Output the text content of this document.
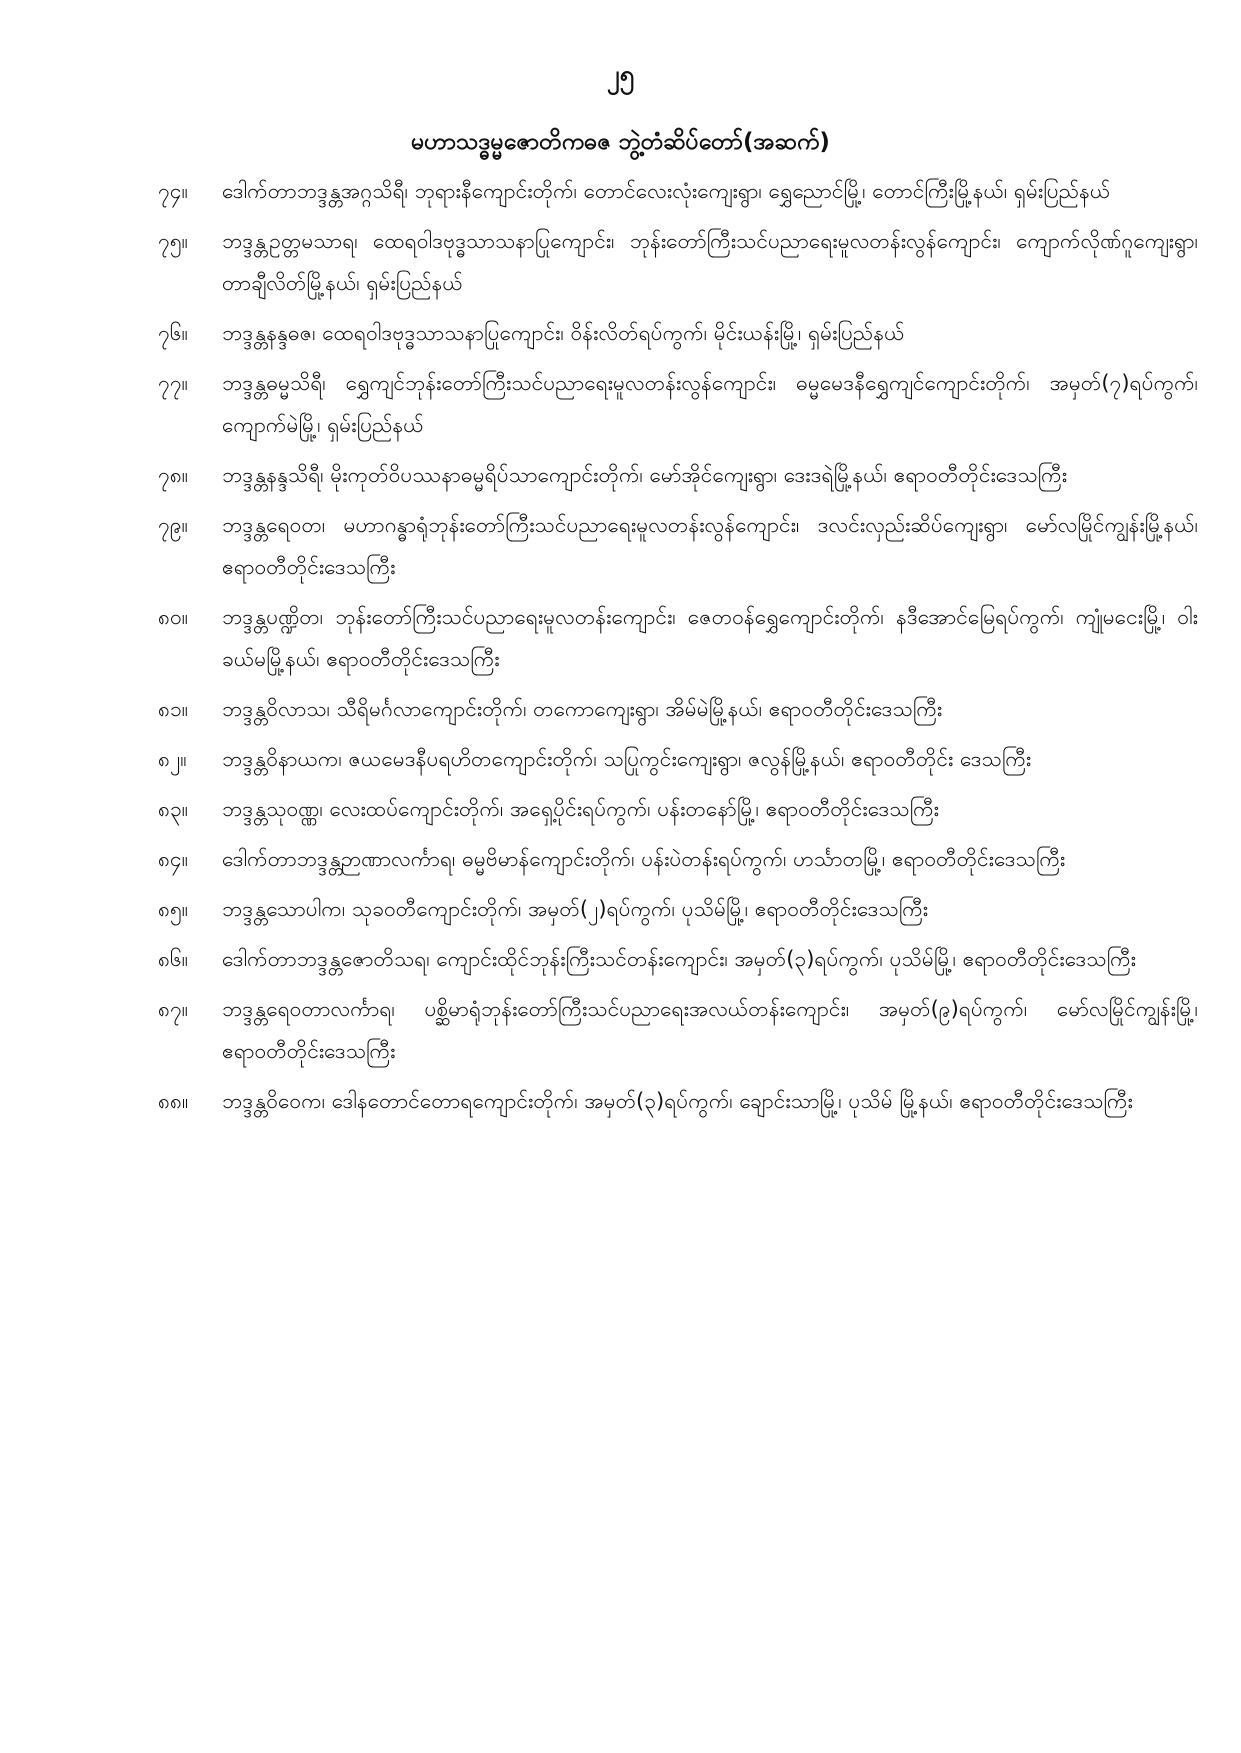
၂၅
မဟာသဒ္ဓမ္မဇောတိကဓဇ ဘွဲ့တံဆိပ်တော်(အဆက်)
၇၄။	ဒေါက်တာဘဒ္ဒန္တအဂ္ဂသိရီ၊ ဘုရားနီကျောင်းတိုက်၊ တောင်လေးလုံးကျေးရွာ၊ ရွှေညောင်မြို့၊ တောင်ကြီးမြို့နယ်၊ ရှမ်းပြည်နယ်
၇၅။	ဘဒ္ဒန္တဥတ္တမသာရ၊ ထေရဝါဒဗုဒ္ဓသာသနာပြုကျောင်း၊ ဘုန်းတော်ကြီးသင်ပညာရေးမူလတန်းလွန်ကျောင်း၊ ကျောက်လိုဏ်ဂူကျေးရွာ၊ တာချီလိတ်မြို့နယ်၊ ရှမ်းပြည်နယ်
၇၆။	ဘဒ္ဒန္တနန္ဒဓဇ၊ ထေရဝါဒဗုဒ္ဓသာသနာပြုကျောင်း၊ ဝိန်းလိတ်ရပ်ကွက်၊ မိုင်းယန်းမြို့၊ ရှမ်းပြည်နယ်
၇၇။	ဘဒ္ဒန္တဓမ္မသိရီ၊ ရွှေကျင်ဘုန်းတော်ကြီးသင်ပညာရေးမူလတန်းလွန်ကျောင်း၊ ဓမ္မမေဒနီရွှေကျင်ကျောင်းတိုက်၊ အမှတ်(၇)ရပ်ကွက်၊ ကျောက်မဲမြို့၊ ရှမ်းပြည်နယ်
၇၈။	ဘဒ္ဒန္တနန္ဒသိရီ၊ မိုးကုတ်ဝိပဿနာဓမ္မရိပ်သာကျောင်းတိုက်၊ မော်အိုင်ကျေးရွာ၊ ဒေးဒရဲမြို့နယ်၊ ဧရာဝတီတိုင်းဒေသကြီး
၇၉။	ဘဒ္ဒန္တရေဝတ၊ မဟာဂန္ဓာရုံဘုန်းတော်ကြီးသင်ပညာရေးမူလတန်းလွန်ကျောင်း၊ ဒလင်းလှည်းဆိပ်ကျေးရွာ၊ မော်လမြိုင်ကျွန်းမြို့နယ်၊ ဧရာဝတီတိုင်းဒေသကြီး
၈၀။	ဘဒ္ဒန္တပဏ္ဍိတ၊ ဘုန်းတော်ကြီးသင်ပညာရေးမူလတန်းကျောင်း၊ ဇေတဝန်ရွှေကျောင်းတိုက်၊ နဒီအောင်မြေရပ်ကွက်၊ ကျုံမငေးမြို့၊ ဝါးခယ်မမြို့နယ်၊ ဧရာဝတီတိုင်းဒေသကြီး
၈၁။	ဘဒ္ဒန္တဝိလာသ၊ သီရိမင်္ဂလာကျောင်းတိုက်၊ တကောကျေးရွာ၊ အိမ်မဲမြို့နယ်၊ ဧရာဝတီတိုင်းဒေသကြီး
၈၂။	ဘဒ္ဒန္တဝိနာယက၊ ဇယမေဒနီပရဟိတကျောင်းတိုက်၊ သပြုကွင်းကျေးရွာ၊ ဇလွန်မြို့နယ်၊ ဧရာဝတီတိုင်း ဒေသကြီး
၈၃။	ဘဒ္ဒန္တသုဝဏ္ဏ၊ လေးထပ်ကျောင်းတိုက်၊ အရှေ့ပိုင်းရပ်ကွက်၊ ပန်းတနော်မြို့၊ ဧရာဝတီတိုင်းဒေသကြီး
၈၄။	ဒေါက်တာဘဒ္ဒန္တဉာဏာလင်္ကာရ၊ ဓမ္မဗိမာန်ကျောင်းတိုက်၊ ပန်းပဲတန်းရပ်ကွက်၊ ဟင်္သာတမြို့၊ ဧရာဝတီတိုင်းဒေသကြီး
၈၅။	ဘဒ္ဒန္တသောပါက၊ သုခဝတီကျောင်းတိုက်၊ အမှတ်(၂)ရပ်ကွက်၊ ပုသိမ်မြို့၊ ဧရာဝတီတိုင်းဒေသကြီး
၈၆။	ဒေါက်တာဘဒ္ဒန္တဇောတိသရ၊ ကျောင်းထိုင်ဘုန်းကြီးသင်တန်းကျောင်း၊ အမှတ်(၃)ရပ်ကွက်၊ ပုသိမ်မြို့၊ ဧရာဝတီတိုင်းဒေသကြီး
၈၇။	ဘဒ္ဒန္တရေဝတာလင်္ကာရ၊ ပစ္ဆိမာရုံဘုန်းတော်ကြီးသင်ပညာရေးအလယ်တန်းကျောင်း၊ အမှတ်(၉)ရပ်ကွက်၊ မော်လမြိုင်ကျွန်းမြို့၊ ဧရာဝတီတိုင်းဒေသကြီး
၈၈။	ဘဒ္ဒန္တဝိဝေက၊ ဒေါနတောင်တောရကျောင်းတိုက်၊ အမှတ်(၃)ရပ်ကွက်၊ ချောင်းသာမြို့၊ ပုသိမ် မြို့နယ်၊ ဧရာဝတီတိုင်းဒေသကြီး
